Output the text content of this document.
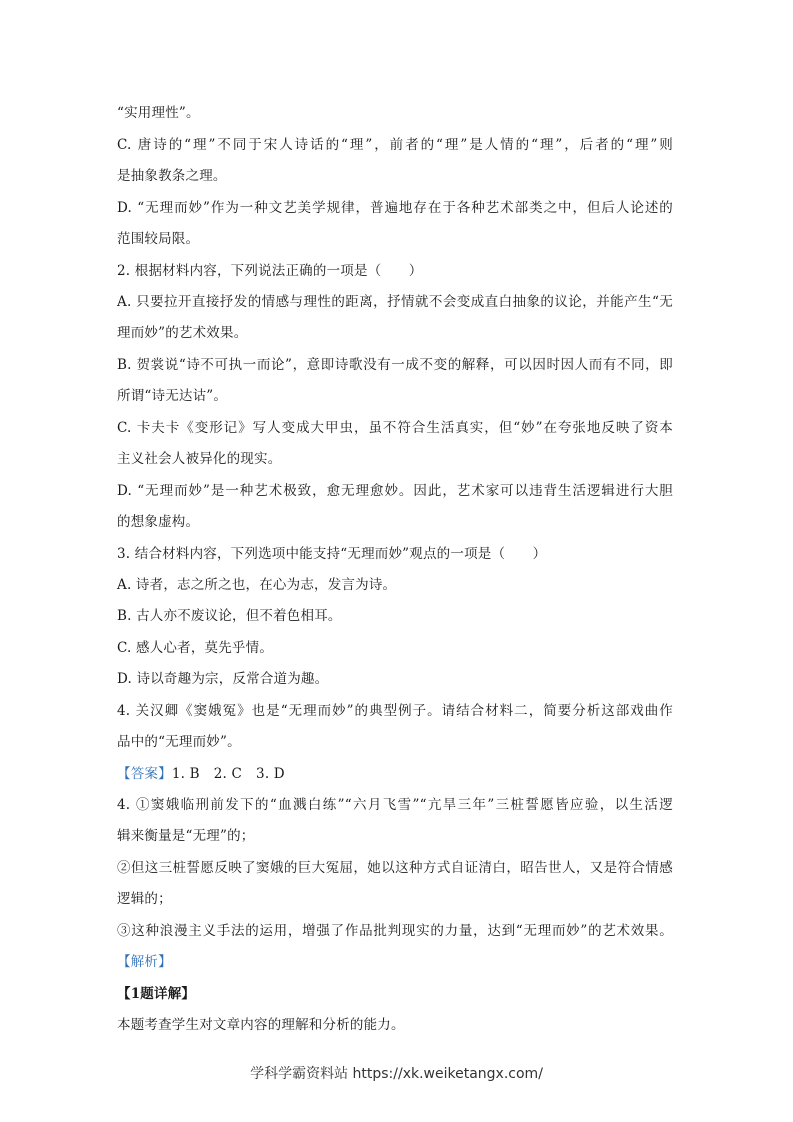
“实用理性”。
C. 唐诗的“理”不同于宋人诗话的“理”，前者的“理”是人情的“理”，后者的“理”则
是抽象教条之理。
D. “无理而妙”作为一种文艺美学规律，普遍地存在于各种艺术部类之中，但后人论述的
范围较局限。
2. 根据材料内容，下列说法正确的一项是（　　）
A. 只要拉开直接抒发的情感与理性的距离，抒情就不会变成直白抽象的议论，并能产生“无
理而妙”的艺术效果。
B. 贺裳说“诗不可执一而论”，意即诗歌没有一成不变的解释，可以因时因人而有不同，即
所谓“诗无达诂”。
C. 卡夫卡《变形记》写人变成大甲虫，虽不符合生活真实，但“妙”在夸张地反映了资本
主义社会人被异化的现实。
D. “无理而妙”是一种艺术极致，愈无理愈妙。因此，艺术家可以违背生活逻辑进行大胆
的想象虚构。
3. 结合材料内容，下列选项中能支持“无理而妙”观点的一项是（　　）
A. 诗者，志之所之也，在心为志，发言为诗。
B. 古人亦不废议论，但不着色相耳。
C. 感人心者，莫先乎情。
D. 诗以奇趣为宗，反常合道为趣。
4. 关汉卿《窦娥冤》也是“无理而妙”的典型例子。请结合材料二，简要分析这部戏曲作
品中的“无理而妙”。
【答案】1. B 2. C 3. D
4. ①窦娥临刑前发下的“血溅白练”“六月飞雪”“亢旱三年”三桩誓愿皆应验，以生活逻
辑来衡量是“无理”的；
②但这三桩誓愿反映了窦娥的巨大冤屈，她以这种方式自证清白，昭告世人，又是符合情感
逻辑的；
③这种浪漫主义手法的运用，增强了作品批判现实的力量，达到“无理而妙”的艺术效果。
【解析】
【1题详解】
本题考查学生对文章内容的理解和分析的能力。
学科学霸资料站 https://xk.weiketangx.com/
